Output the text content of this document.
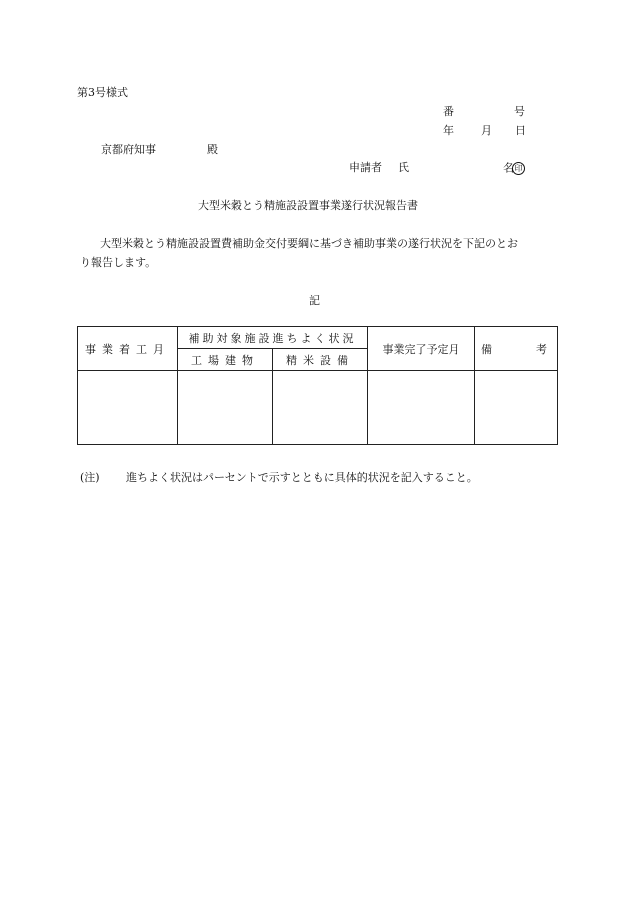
第3号様式
番	号
年 月 日
京都府知事	殿
申請者 氏	名印
大型米穀とう精施設設置事業遂行状況報告書
大型米穀とう精施設設置費補助金交付要綱に基づき補助事業の遂行状況を下記のとお
り報告します。
記
事業着工月	補助対象施設進ちよく状況		事業完了予定月	備 考

	工場建物	精米設備		

(注) 進ちよく状況はパーセントで示すとともに具体的状況を記入すること。
